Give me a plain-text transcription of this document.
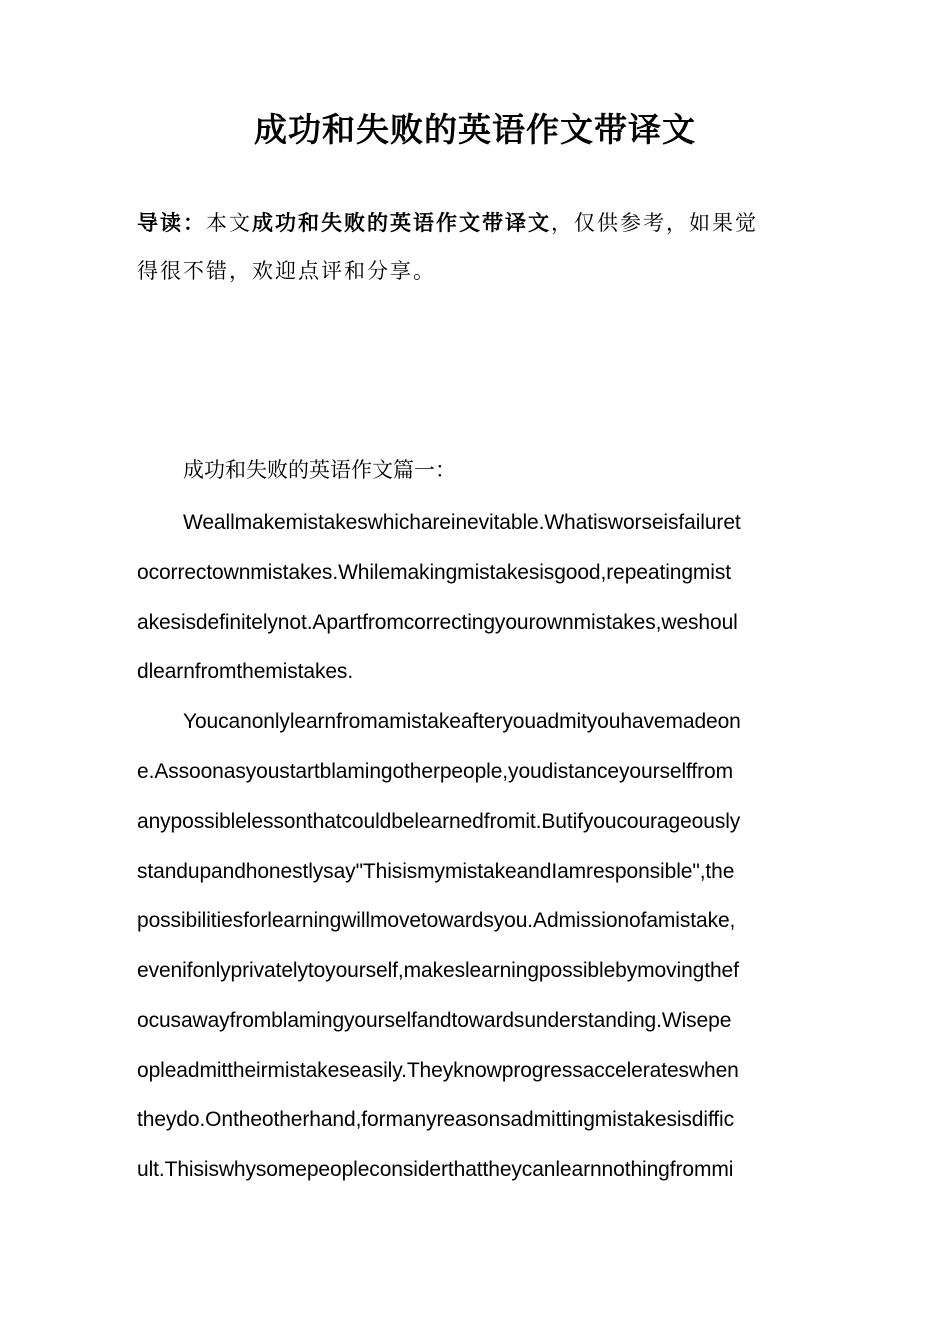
成功和失败的英语作文带译文
导读：本文成功和失败的英语作文带译文，仅供参考，如果觉
得很不错，欢迎点评和分享。
成功和失败的英语作文篇一：
Weallmakemistakeswhichareinevitable.Whatisworseisfailuret
ocorrectownmistakes.Whilemakingmistakesisgood,repeatingmist
akesisdefinitelynot.Apartfromcorrectingyourownmistakes,weshoul
dlearnfromthemistakes.
Youcanonlylearnfromamistakeafteryouadmityouhavemadeon
e.Assoonasyoustartblamingotherpeople,youdistanceyourselffrom
anypossiblelessonthatcouldbelearnedfromit.Butifyoucourageously
standupandhonestlysay"ThisismymistakeandIamresponsible",the
possibilitiesforlearningwillmovetowardsyou.Admissionofamistake,
evenifonlyprivatelytoyourself,makeslearningpossiblebymovingthef
ocusawayfromblamingyourselfandtowardsunderstanding.Wisepe
opleadmittheirmistakeseasily.Theyknowprogressaccelerateswhen
theydo.Ontheotherhand,formanyreasonsadmittingmistakesisdiffic
ult.Thisiswhysomepeopleconsiderthattheycanlearnnothingfrommi
